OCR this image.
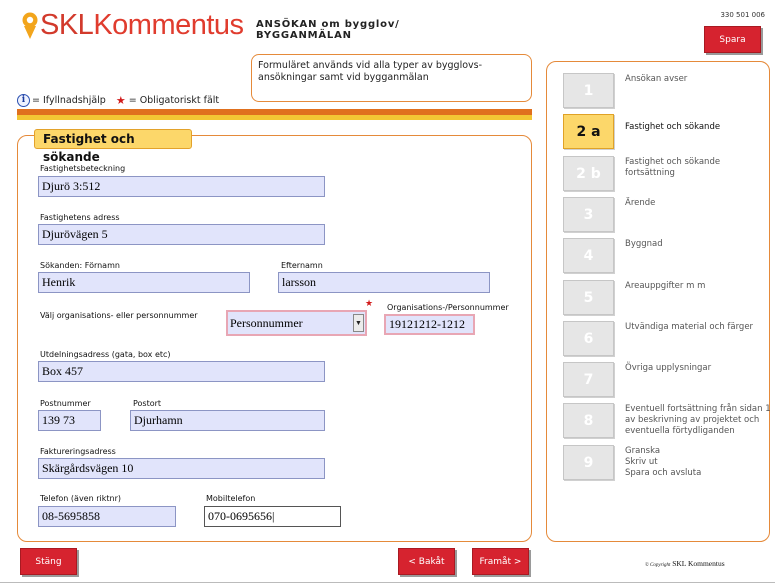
SKLKommentus ANSÖKAN om bygglov/
BYGGANMÄLAN
330 501 006
Spara
Formuläret används vid alla typer av bygglovs-ansökningar samt vid bygganmälan
i = Ifyllnadshjälp ★ = Obligatoriskt fält
Fastighet och sökande
Fastighetsbeteckning
Djurö 3:512
Fastighetens adress
Djurövägen 5
Sökanden: Förnamn
Henrik
Efternamn
larsson
Välj organisations- eller personnummer
Personnummer	▼
★ Organisations-/Personnummer
19121212-1212
Utdelningsadress (gata, box etc)
Box 457
Postnummer
139 73
Postort
Djurhamn
Faktureringsadress
Skärgårdsvägen 10
Telefon (även riktnr)
08-5695858
Mobiltelefon
070-0695656|
1
Ansökan avser
2 a	Fastighet och sökande
2 b
Fastighet och sökande
fortsättning
3
Ärende
4
Byggnad
5
Areauppgifter m m
6
Utvändiga material och färger
7
Övriga upplysningar
8
Eventuell fortsättning från sidan 1
av beskrivning av projektet och
eventuella förtydliganden
9
Granska
Skriv ut
Spara och avsluta
Stäng	< Bakåt	Framåt >	© Copyright SKL Kommentus
